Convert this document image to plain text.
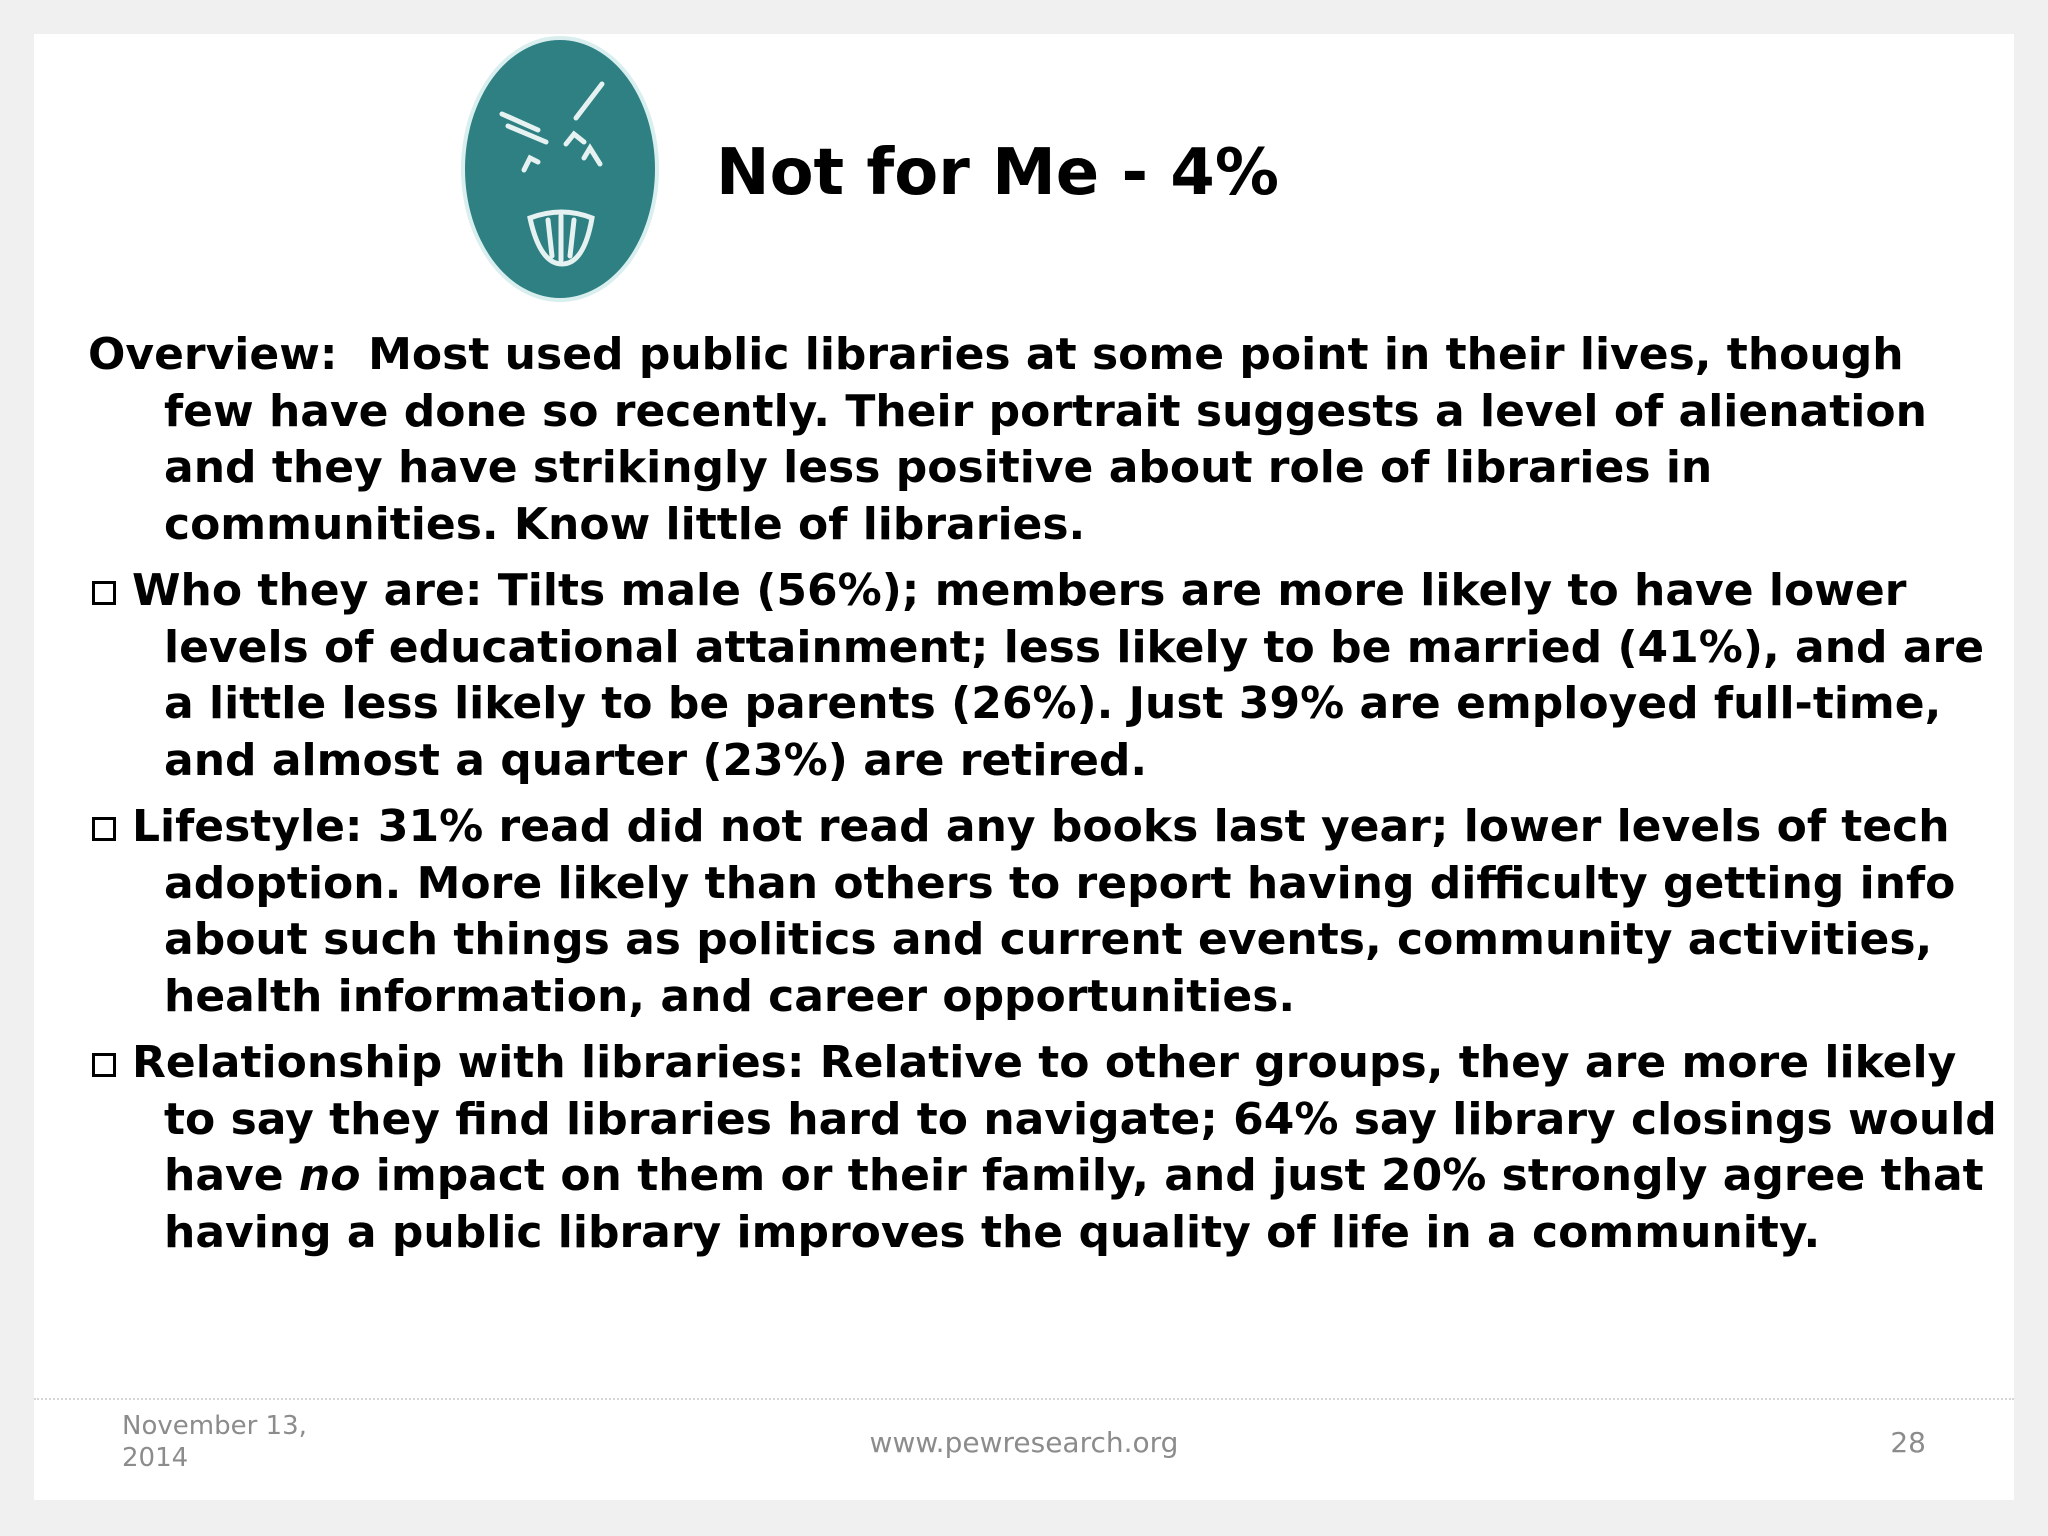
Not for Me - 4%

Overview: Most used public libraries at some point in their lives, though few have done so recently. Their portrait suggests a level of alienation and they have strikingly less positive about role of libraries in communities. Know little of libraries.

Who they are: Tilts male (56%); members are more likely to have lower levels of educational attainment; less likely to be married (41%), and are a little less likely to be parents (26%). Just 39% are employed full-time, and almost a quarter (23%) are retired.

Lifestyle: 31% read did not read any books last year; lower levels of tech adoption. More likely than others to report having difficulty getting info about such things as politics and current events, community activities, health information, and career opportunities.

Relationship with libraries: Relative to other groups, they are more likely to say they find libraries hard to navigate; 64% say library closings would have no impact on them or their family, and just 20% strongly agree that having a public library improves the quality of life in a community.

November 13, 2014	www.pewresearch.org	28
